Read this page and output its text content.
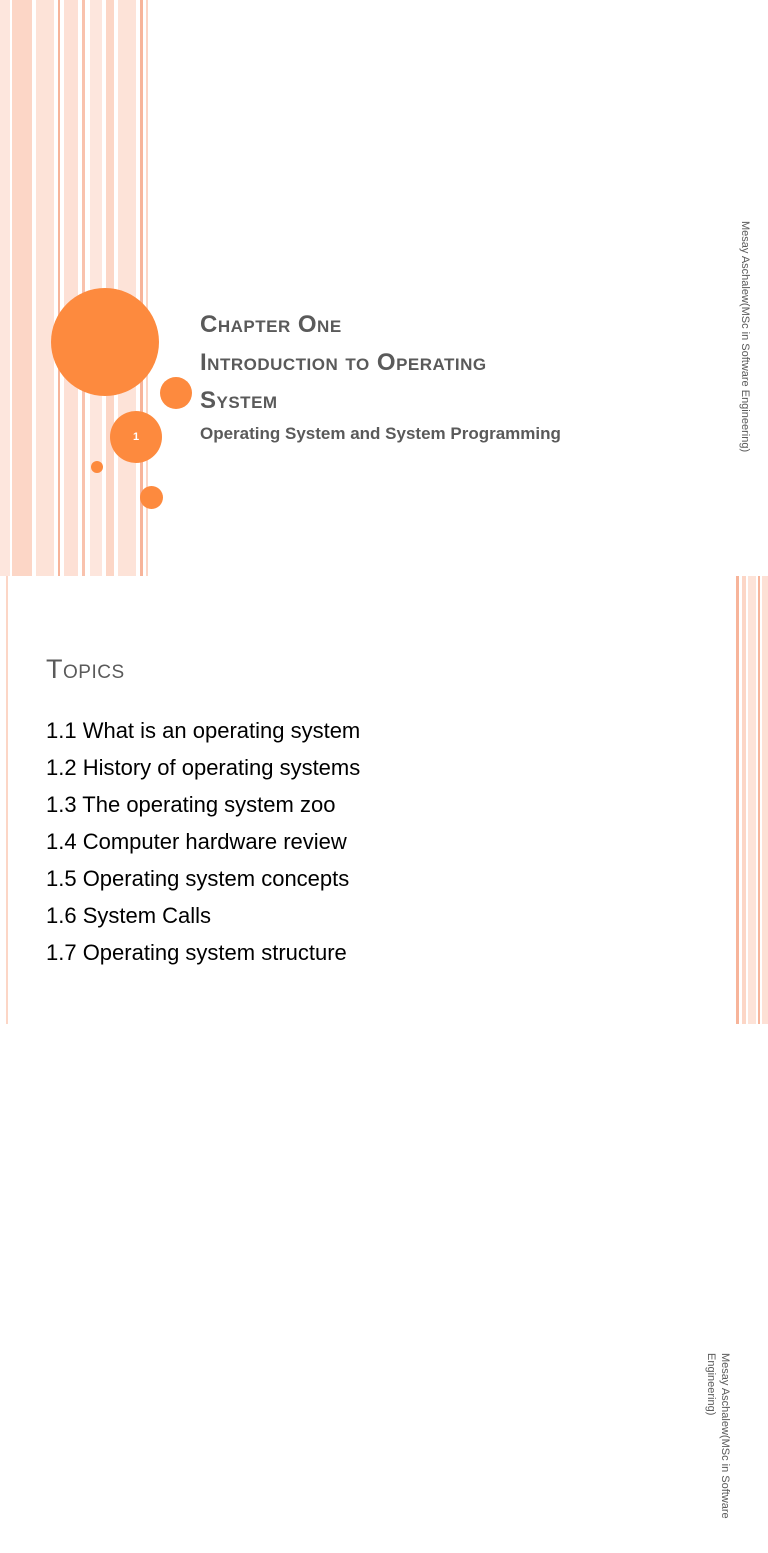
1
Chapter One
Introduction to Operating
System
Operating System and System Programming	Mesay Aschalew(MSc in Software Engineering)
Mesay Aschalew(MSc in Software Engineering)
Topics
1.1 What is an operating system
1.2 History of operating systems
1.3 The operating system zoo
1.4 Computer hardware review
1.5 Operating system concepts
1.6 System Calls
1.7 Operating system structure
